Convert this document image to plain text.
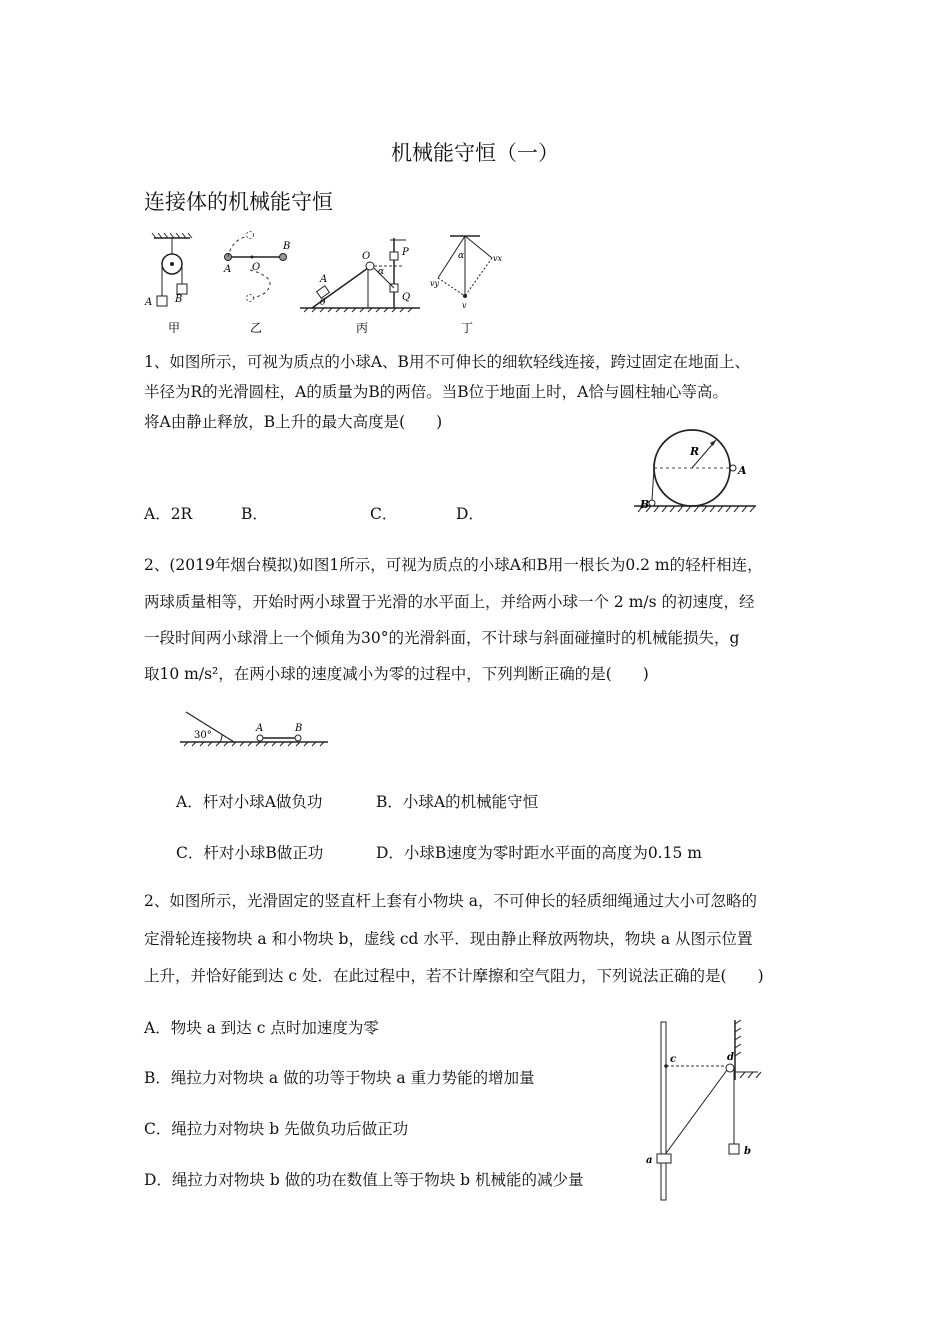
机械能守恒（一）
连接体的机械能守恒
A B
甲
A O
B
乙
O	P
A
α
θ	Q
丙
α	vx
vy
v
丁
1、如图所示，可视为质点的小球A、B用不可伸长的细软轻线连接，跨过固定在地面上、
半径为R的光滑圆柱，A的质量为B的两倍。当B位于地面上时，A恰与圆柱轴心等高。
将A由静止释放，B上升的最大高度是(　　)
A．2R	B．	C．	D．
R
A
B
2、(2019年烟台模拟)如图1所示，可视为质点的小球A和B用一根长为0.2 m的轻杆相连，
两球质量相等，开始时两小球置于光滑的水平面上，并给两小球一个 2 m/s 的初速度，经
一段时间两小球滑上一个倾角为30°的光滑斜面，不计球与斜面碰撞时的机械能损失，g
取10 m/s²，在两小球的速度减小为零的过程中，下列判断正确的是(　　)
30°
A	B
A．杆对小球A做负功	B．小球A的机械能守恒
C．杆对小球B做正功	D．小球B速度为零时距水平面的高度为0.15 m
2、如图所示，光滑固定的竖直杆上套有小物块 a，不可伸长的轻质细绳通过大小可忽略的
定滑轮连接物块 a 和小物块 b，虚线 cd 水平．现由静止释放两物块，物块 a 从图示位置
上升，并恰好能到达 c 处．在此过程中，若不计摩擦和空气阻力，下列说法正确的是(　　)
A．物块 a 到达 c 点时加速度为零
B．绳拉力对物块 a 做的功等于物块 a 重力势能的增加量
C．绳拉力对物块 b 先做负功后做正功
D．绳拉力对物块 b 做的功在数值上等于物块 b 机械能的减少量
c	d
a
b
